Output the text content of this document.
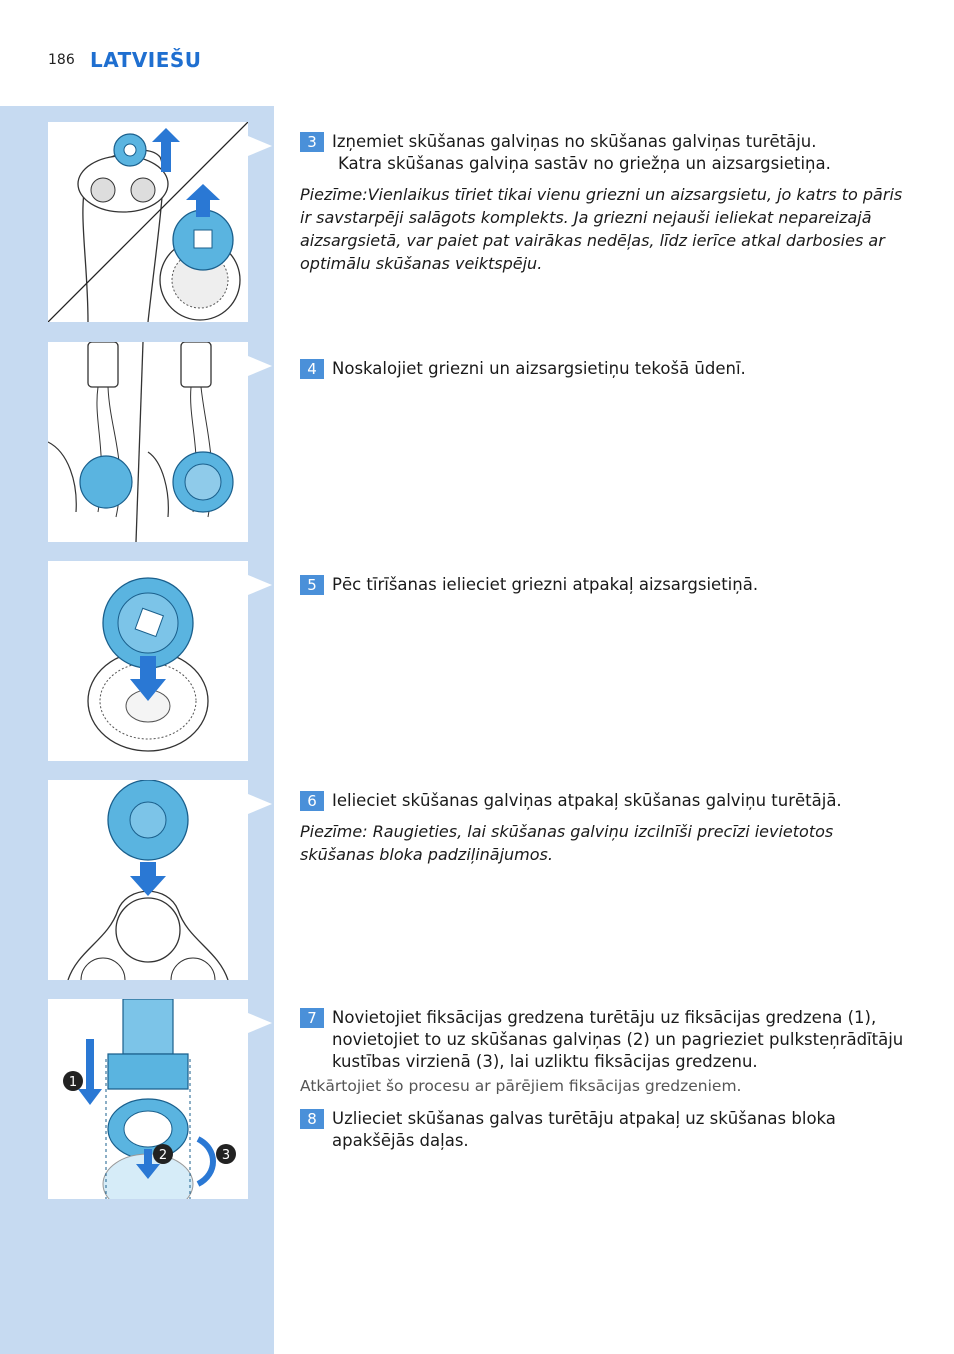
186 LATVIEŠU
1
2	3
3 Izņemiet skūšanas galviņas no skūšanas galviņas turētāju.
Katra skūšanas galviņa sastāv no griežņa un aizsargsietiņa.
Piezīme:Vienlaikus tīriet tikai vienu griezni un aizsargsietu, jo katrs to pāris ir savstarpēji salāgots komplekts. Ja griezni nejauši ieliekat nepareizajā aizsargsietā, var paiet pat vairākas nedēļas, līdz ierīce atkal darbosies ar optimālu skūšanas veiktspēju.
4 Noskalojiet griezni un aizsargsietiņu tekošā ūdenī.
5 Pēc tīrīšanas ielieciet griezni atpakaļ aizsargsietiņā.
6 Ielieciet skūšanas galviņas atpakaļ skūšanas galviņu turētājā.
Piezīme: Raugieties, lai skūšanas galviņu izcilnīši precīzi ievietotos skūšanas bloka padziļinājumos.
7 Novietojiet fiksācijas gredzena turētāju uz fiksācijas gredzena (1), novietojiet to uz skūšanas galviņas (2) un pagrieziet pulksteņrādītāju kustības virzienā (3), lai uzliktu fiksācijas gredzenu.
Atkārtojiet šo procesu ar pārējiem fiksācijas gredzeniem.
8 Uzlieciet skūšanas galvas turētāju atpakaļ uz skūšanas bloka apakšējās daļas.
